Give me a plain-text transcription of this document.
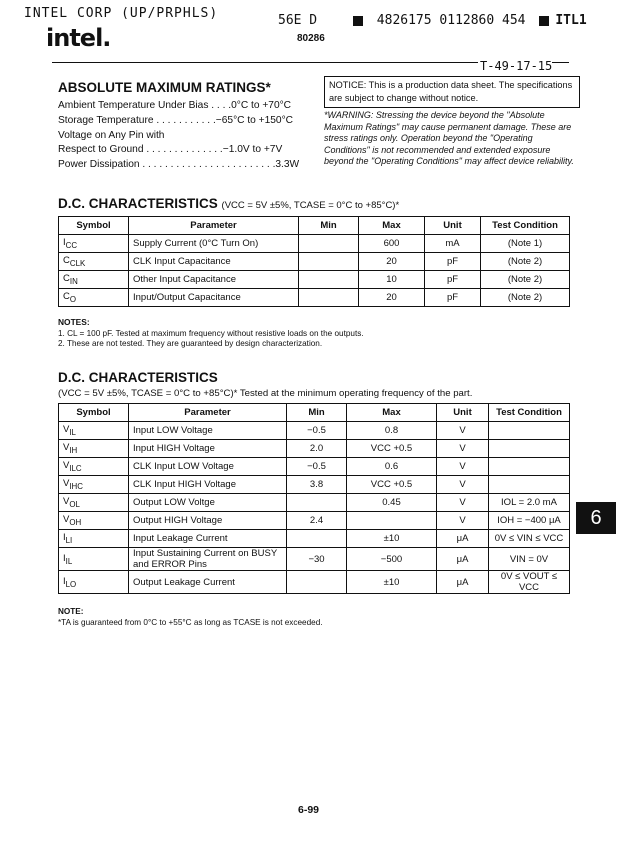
INTEL CORP (UP/PRPHLS)	56E D	4826175 0112860 454 ITL1
intel.	80286
T-49-17-15
ABSOLUTE MAXIMUM RATINGS*
Ambient Temperature Under Bias . . . .0°C to +70°C
Storage Temperature . . . . . . . . . . .−65°C to +150°C
Voltage on Any Pin with
Respect to Ground . . . . . . . . . . . . . .−1.0V to +7V
Power Dissipation . . . . . . . . . . . . . . . . . . . . . . . .3.3W
NOTICE: This is a production data sheet. The specifications are subject to change without notice.
*WARNING: Stressing the device beyond the "Absolute Maximum Ratings" may cause permanent damage. These are stress ratings only. Operation beyond the "Operating Conditions" is not recommended and extended exposure beyond the "Operating Conditions" may affect device reliability.
D.C. CHARACTERISTICS (VCC = 5V ±5%, TCASE = 0°C to +85°C)*
Symbol	Parameter	Min	Max	Unit	Test Condition
$I_{CC}$	Supply Current (0°C Turn On)		600	mA	(Note 1)
$C_{CLK}$	CLK Input Capacitance		20	pF	(Note 2)
$C_{IN}$	Other Input Capacitance		10	pF	(Note 2)
$C_O$	Input/Output Capacitance		20	pF	(Note 2)
NOTES:
1. CL = 100 pF. Tested at maximum frequency without resistive loads on the outputs.
2. These are not tested. They are guaranteed by design characterization.
D.C. CHARACTERISTICS
(VCC = 5V ±5%, TCASE = 0°C to +85°C)* Tested at the minimum operating frequency of the part.
Symbol	Parameter	Min	Max	Unit	Test Condition
$V_{IL}$	Input LOW Voltage	−0.5	0.8	V	
$V_{IH}$	Input HIGH Voltage	2.0	VCC +0.5	V	
$V_{ILC}$	CLK Input LOW Voltage	−0.5	0.6	V	
$V_{IHC}$	CLK Input HIGH Voltage	3.8	VCC +0.5	V	
$V_{OL}$	Output LOW Voltge		0.45	V	IOL = 2.0 mA
$V_{OH}$	Output HIGH Voltage	2.4		V	IOH = −400 μA
$I_{LI}$	Input Leakage Current		±10	μA	0V ≤ VIN ≤ VCC
$I_{IL}$	Input Sustaining Current on BUSY and ERROR Pins	−30	−500	μA	VIN = 0V
$I_{LO}$	Output Leakage Current		±10	μA	0V ≤ VOUT ≤ VCC
NOTE:
*TA is guaranteed from 0°C to +55°C as long as TCASE is not exceeded.
6
6-99
